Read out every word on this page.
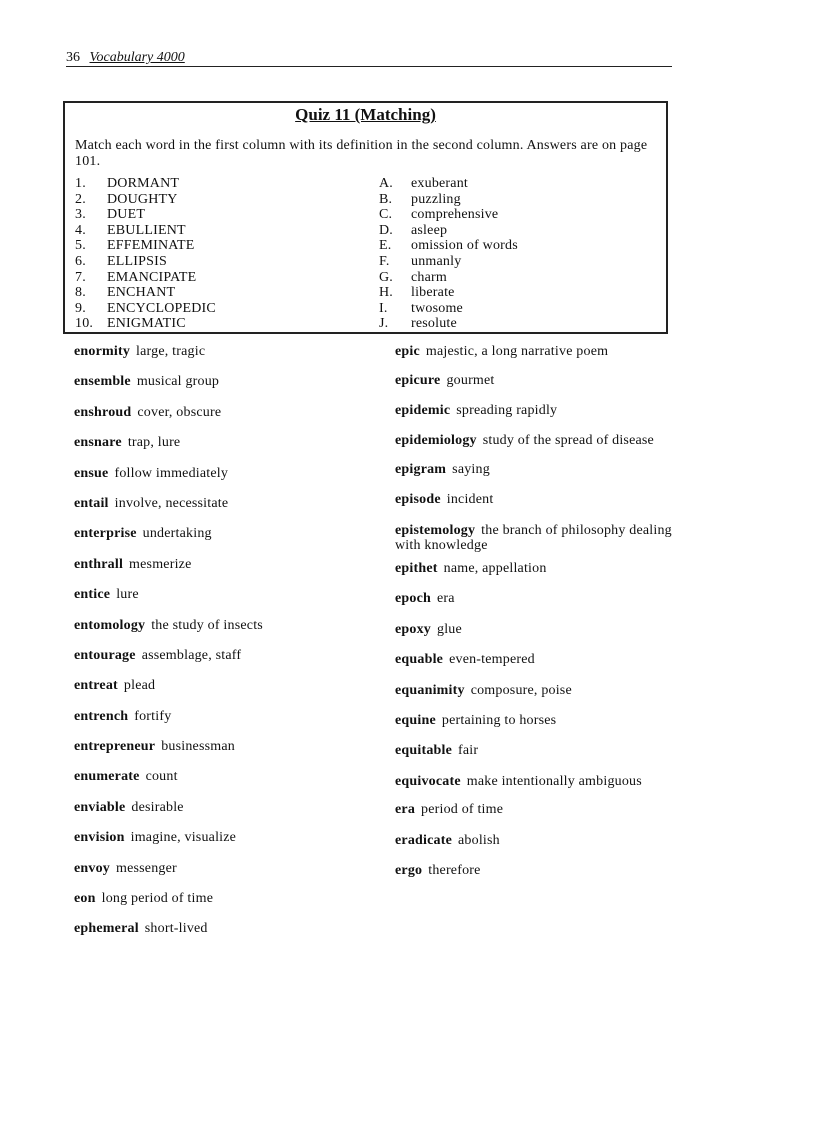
36 Vocabulary 4000
Quiz 11 (Matching)
Match each word in the first column with its definition in the second column. Answers are on page 101.
1. DORMANT
2. DOUGHTY
3. DUET
4. EBULLIENT
5. EFFEMINATE
6. ELLIPSIS
7. EMANCIPATE
8. ENCHANT
9. ENCYCLOPEDIC
10. ENIGMATIC
A. exuberant
B. puzzling
C. comprehensive
D. asleep
E. omission of words
F. unmanly
G. charm
H. liberate
I. twosome
J. resolute
enormity large, tragic
ensemble musical group
enshroud cover, obscure
ensnare trap, lure
ensue follow immediately
entail involve, necessitate
enterprise undertaking
enthrall mesmerize
entice lure
entomology the study of insects
entourage assemblage, staff
entreat plead
entrench fortify
entrepreneur businessman
enumerate count
enviable desirable
envision imagine, visualize
envoy messenger
eon long period of time
ephemeral short-lived
epic majestic, a long narrative poem
epicure gourmet
epidemic spreading rapidly
epidemiology study of the spread of disease
epigram saying
episode incident
epistemology the branch of philosophy dealing with knowledge
epithet name, appellation
epoch era
epoxy glue
equable even-tempered
equanimity composure, poise
equine pertaining to horses
equitable fair
equivocate make intentionally ambiguous
era period of time
eradicate abolish
ergo therefore
